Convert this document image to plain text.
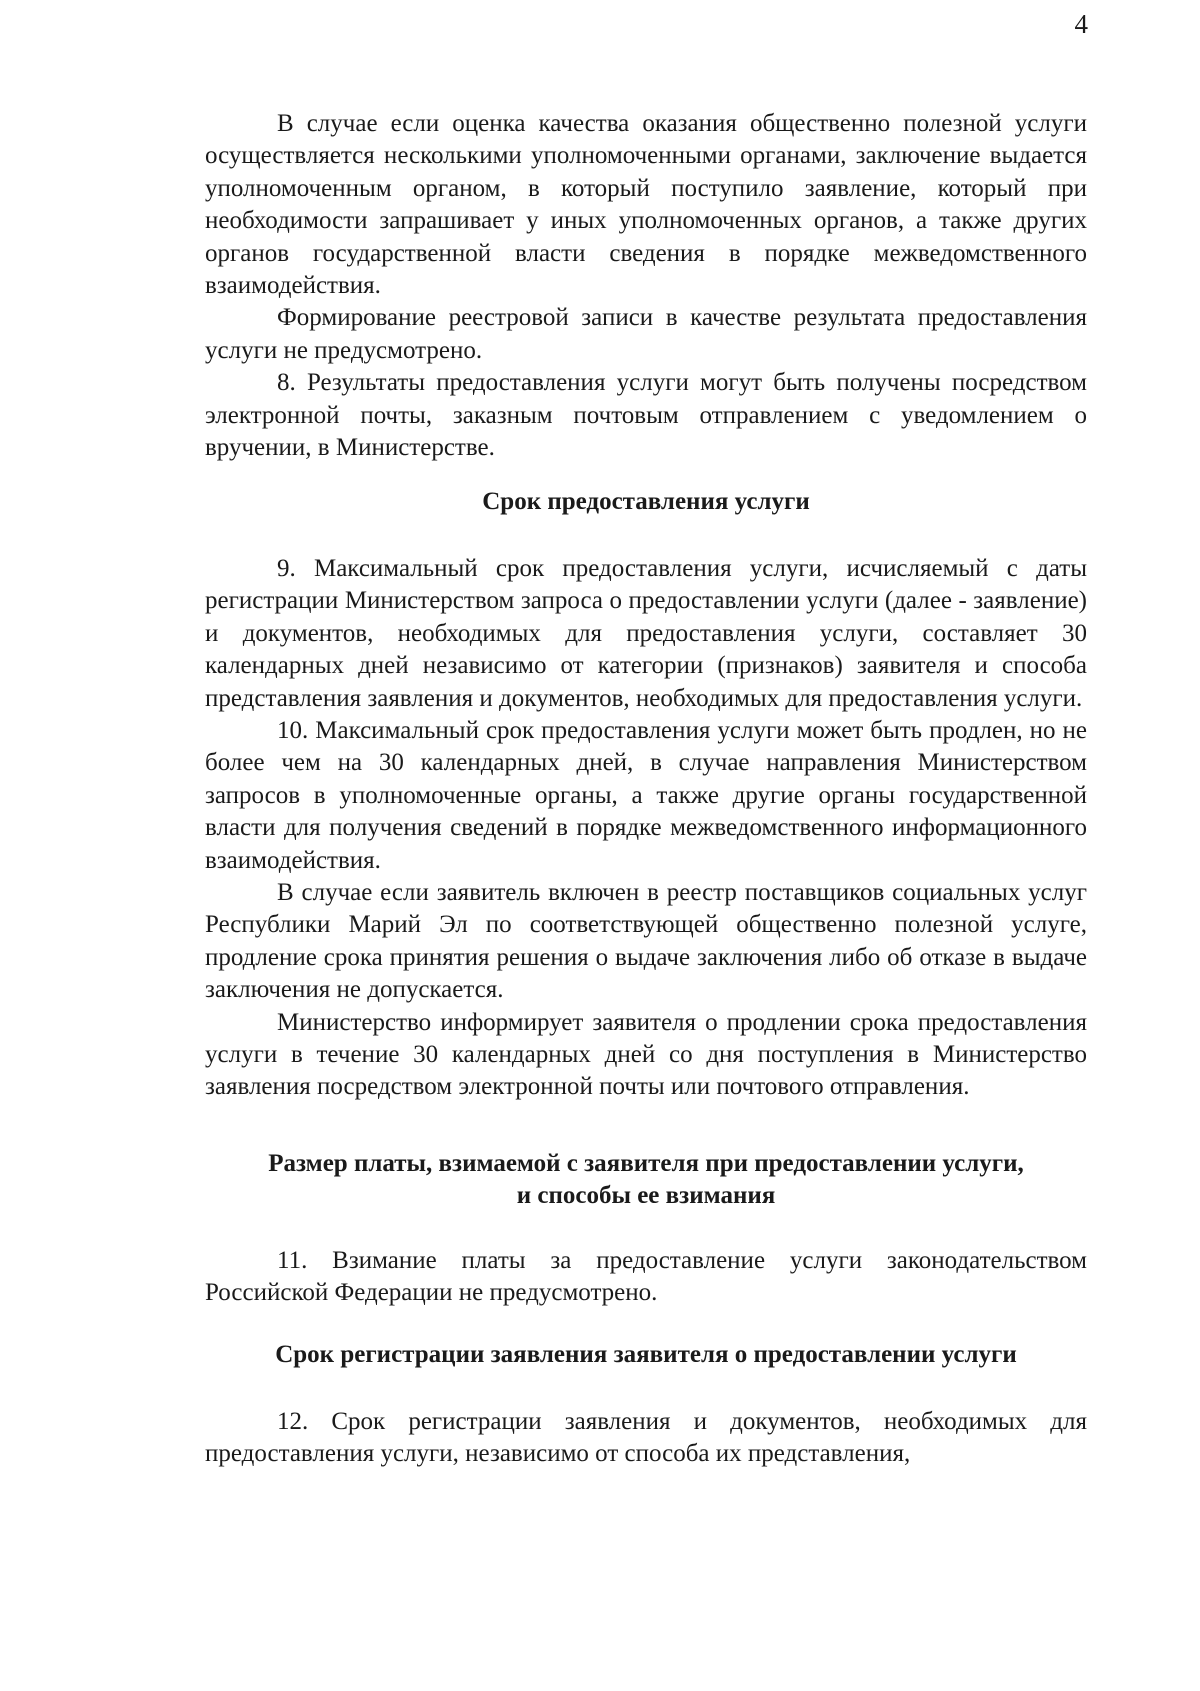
4

В случае если оценка качества оказания общественно полезной услуги осуществляется несколькими уполномоченными органами, заключение выдается уполномоченным органом, в который поступило заявление, который при необходимости запрашивает у иных уполномоченных органов, а также других органов государственной власти сведения в порядке межведомственного взаимодействия.

Формирование реестровой записи в качестве результата предоставления услуги не предусмотрено.

8. Результаты предоставления услуги могут быть получены посредством электронной почты, заказным почтовым отправлением с уведомлением о вручении, в Министерстве.

Срок предоставления услуги

9. Максимальный срок предоставления услуги, исчисляемый с даты регистрации Министерством запроса о предоставлении услуги (далее - заявление) и документов, необходимых для предоставления услуги, составляет 30 календарных дней независимо от категории (признаков) заявителя и способа представления заявления и документов, необходимых для предоставления услуги.

10. Максимальный срок предоставления услуги может быть продлен, но не более чем на 30 календарных дней, в случае направления Министерством запросов в уполномоченные органы, а также другие органы государственной власти для получения сведений в порядке межведомственного информационного взаимодействия.

В случае если заявитель включен в реестр поставщиков социальных услуг Республики Марий Эл по соответствующей общественно полезной услуге, продление срока принятия решения о выдаче заключения либо об отказе в выдаче заключения не допускается.

Министерство информирует заявителя о продлении срока предоставления услуги в течение 30 календарных дней со дня поступления в Министерство заявления посредством электронной почты или почтового отправления.

Размер платы, взимаемой с заявителя при предоставлении услуги, и способы ее взимания

11. Взимание платы за предоставление услуги законодательством Российской Федерации не предусмотрено.

Срок регистрации заявления заявителя о предоставлении услуги

12. Срок регистрации заявления и документов, необходимых для предоставления услуги, независимо от способа их представления,
